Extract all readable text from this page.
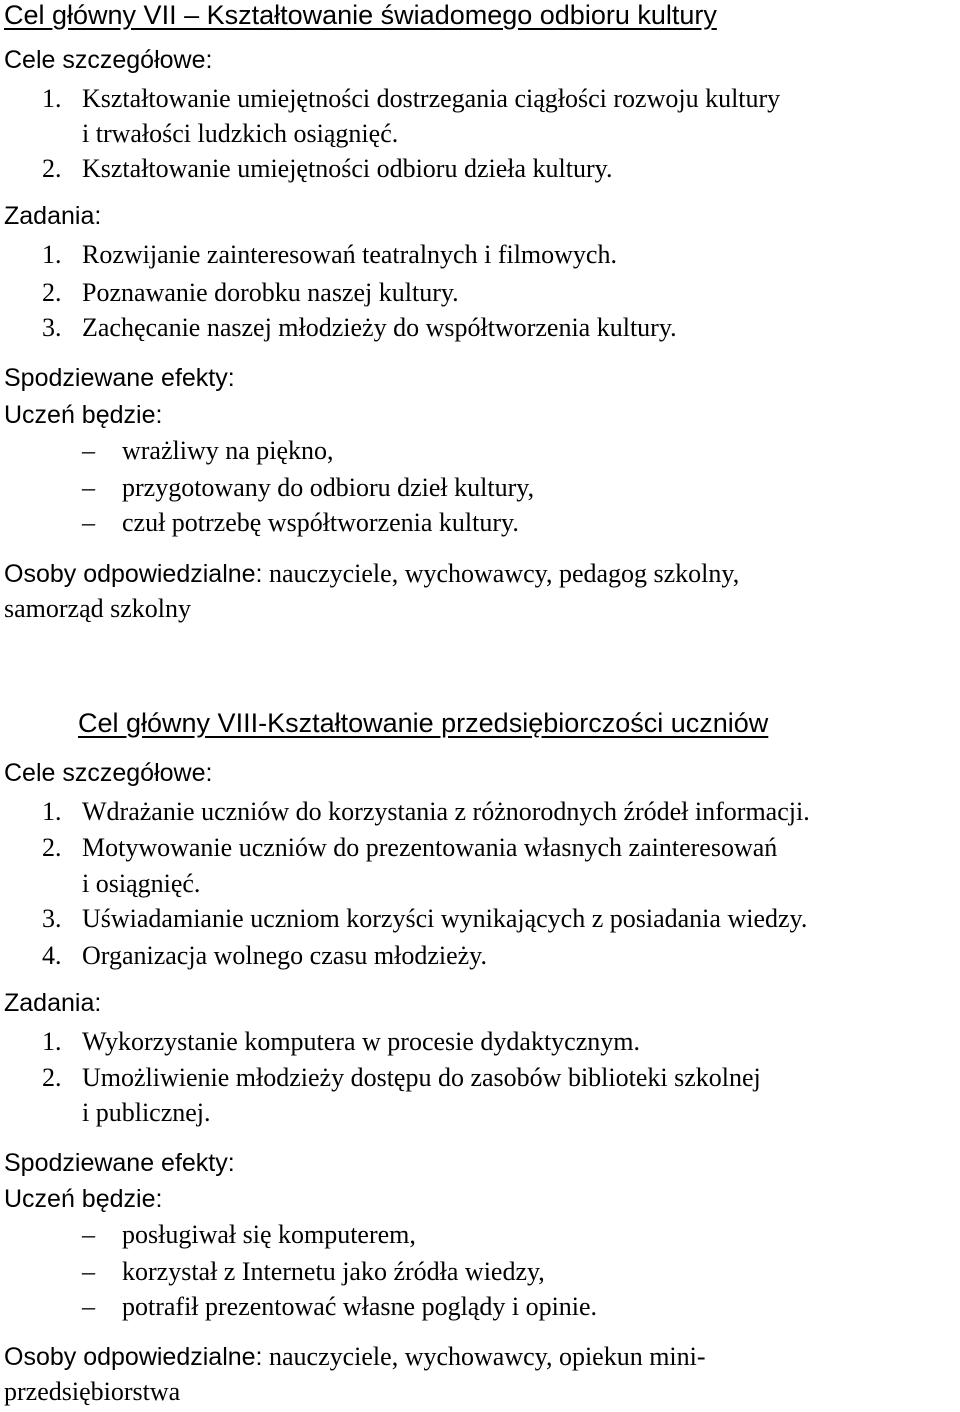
Cel główny VII – Kształtowanie świadomego odbioru kultury
Cele szczegółowe:
1. Kształtowanie umiejętności dostrzegania ciągłości rozwoju kultury
i trwałości ludzkich osiągnięć.
2. Kształtowanie umiejętności odbioru dzieła kultury.
Zadania:
1. Rozwijanie zainteresowań teatralnych i filmowych.
2. Poznawanie dorobku naszej kultury.
3. Zachęcanie naszej młodzieży do współtworzenia kultury.
Spodziewane efekty:
Uczeń będzie:
– wrażliwy na piękno,
– przygotowany do odbioru dzieł kultury,
– czuł potrzebę współtworzenia kultury.
Osoby odpowiedzialne: nauczyciele, wychowawcy, pedagog szkolny,
samorząd szkolny
Cel główny VIII-Kształtowanie przedsiębiorczości uczniów
Cele szczegółowe:
1. Wdrażanie uczniów do korzystania z różnorodnych źródeł informacji.
2. Motywowanie uczniów do prezentowania własnych zainteresowań
i osiągnięć.
3. Uświadamianie uczniom korzyści wynikających z posiadania wiedzy.
4. Organizacja wolnego czasu młodzieży.
Zadania:
1. Wykorzystanie komputera w procesie dydaktycznym.
2. Umożliwienie młodzieży dostępu do zasobów biblioteki szkolnej
i publicznej.
Spodziewane efekty:
Uczeń będzie:
– posługiwał się komputerem,
– korzystał z Internetu jako źródła wiedzy,
– potrafił prezentować własne poglądy i opinie.
Osoby odpowiedzialne: nauczyciele, wychowawcy, opiekun mini-
przedsiębiorstwa
